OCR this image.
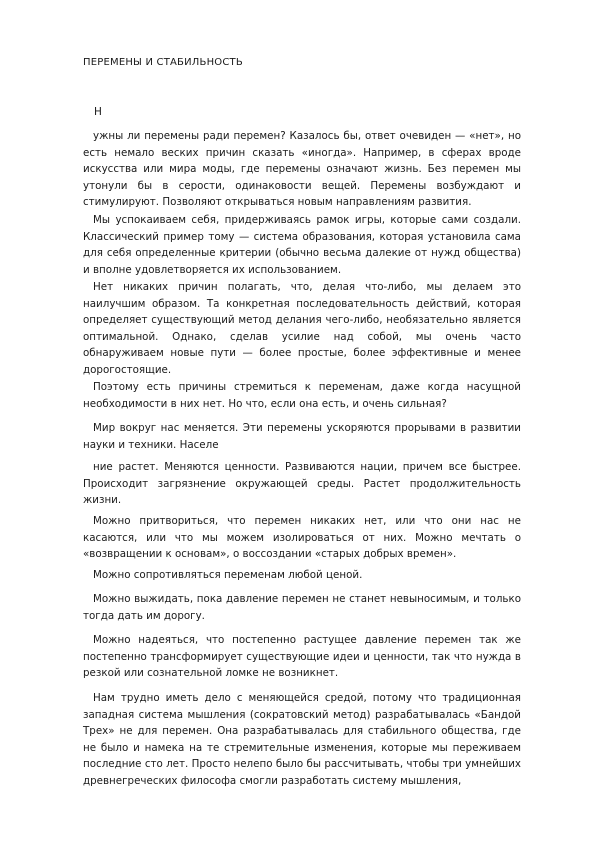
ПЕРЕМЕНЫ И СТАБИЛЬНОСТЬ
Н

ужны ли перемены ради перемен? Казалось бы, ответ очевиден — «нет», но есть немало веских причин сказать «иногда». Например, в сферах вроде искусства или мира моды, где перемены означают жизнь. Без перемен мы утонули бы в серости, одинаковости вещей. Перемены возбуждают и стимулируют. Позволяют открываться новым направлениям развития.

Мы успокаиваем себя, придерживаясь рамок игры, которые сами создали. Классический пример тому — система образования, которая установила сама для себя определенные критерии (обычно весьма далекие от нужд общества) и вполне удовлетворяется их использованием.

Нет никаких причин полагать, что, делая что-либо, мы делаем это наилучшим образом. Та конкретная последовательность действий, которая определяет существующий метод делания чего-либо, необязательно является оптимальной. Однако, сделав усилие над собой, мы очень часто обнаруживаем новые пути — более простые, более эффективные и менее дорогостоящие.

Поэтому есть причины стремиться к переменам, даже когда насущной необходимости в них нет. Но что, если она есть, и очень сильная?

Мир вокруг нас меняется. Эти перемены ускоряются прорывами в развитии науки и техники. Населе

ние растет. Меняются ценности. Развиваются нации, причем все быстрее. Происходит загрязнение окружающей среды. Растет продолжительность жизни.

Можно притвориться, что перемен никаких нет, или что они нас не касаются, или что мы можем изолироваться от них. Можно мечтать о «возвращении к основам», о воссоздании «старых добрых времен».

Можно сопротивляться переменам любой ценой.

Можно выжидать, пока давление перемен не станет невыносимым, и только тогда дать им дорогу.

Можно надеяться, что постепенно растущее давление перемен так же постепенно трансформирует существующие идеи и ценности, так что нужда в резкой или сознательной ломке не возникнет.

Нам трудно иметь дело с меняющейся средой, потому что традиционная западная система мышления (сократовский метод) разрабатывалась «Бандой Трех» не для перемен. Она разрабатывалась для стабильного общества, где не было и намека на те стремительные изменения, которые мы переживаем последние сто лет. Просто нелепо было бы рассчитывать, чтобы три умнейших древнегреческих философа смогли разработать систему мышления,
